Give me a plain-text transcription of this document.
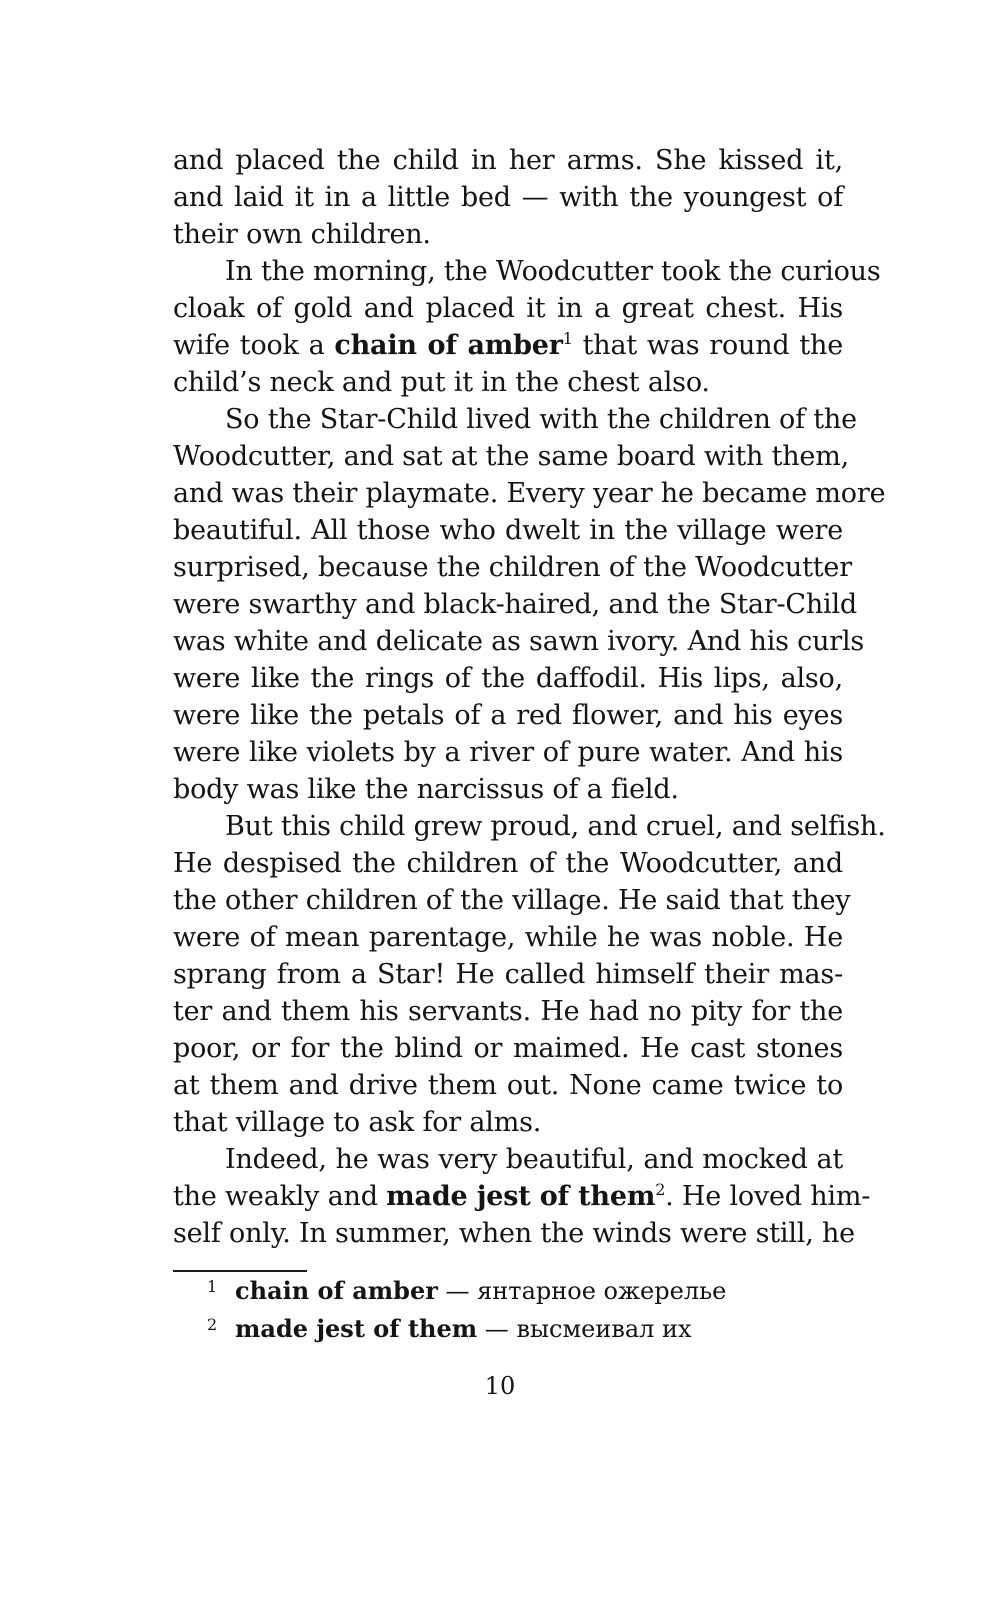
and placed the child in her arms. She kissed it,
and laid it in a little bed — with the youngest of
their own children.
In the morning, the Woodcutter took the curious
cloak of gold and placed it in a great chest. His
wife took a chain of amber$^1$ that was round the
child’s neck and put it in the chest also.
So the Star-Child lived with the children of the
Woodcutter, and sat at the same board with them,
and was their playmate. Every year he became more
beautiful. All those who dwelt in the village were
surprised, because the children of the Woodcutter
were swarthy and black-haired, and the Star-Child
was white and delicate as sawn ivory. And his curls
were like the rings of the daffodil. His lips, also,
were like the petals of a red flower, and his eyes
were like violets by a river of pure water. And his
body was like the narcissus of a field.
But this child grew proud, and cruel, and selfish.
He despised the children of the Woodcutter, and
the other children of the village. He said that they
were of mean parentage, while he was noble. He
sprang from a Star! He called himself their mas-
ter and them his servants. He had no pity for the
poor, or for the blind or maimed. He cast stones
at them and drive them out. None came twice to
that village to ask for alms.
Indeed, he was very beautiful, and mocked at
the weakly and made jest of them$^2$. He loved him-
self only. In summer, when the winds were still, he
1 chain of amber — янтарное ожерелье
2 made jest of them — высмеивал их
10
